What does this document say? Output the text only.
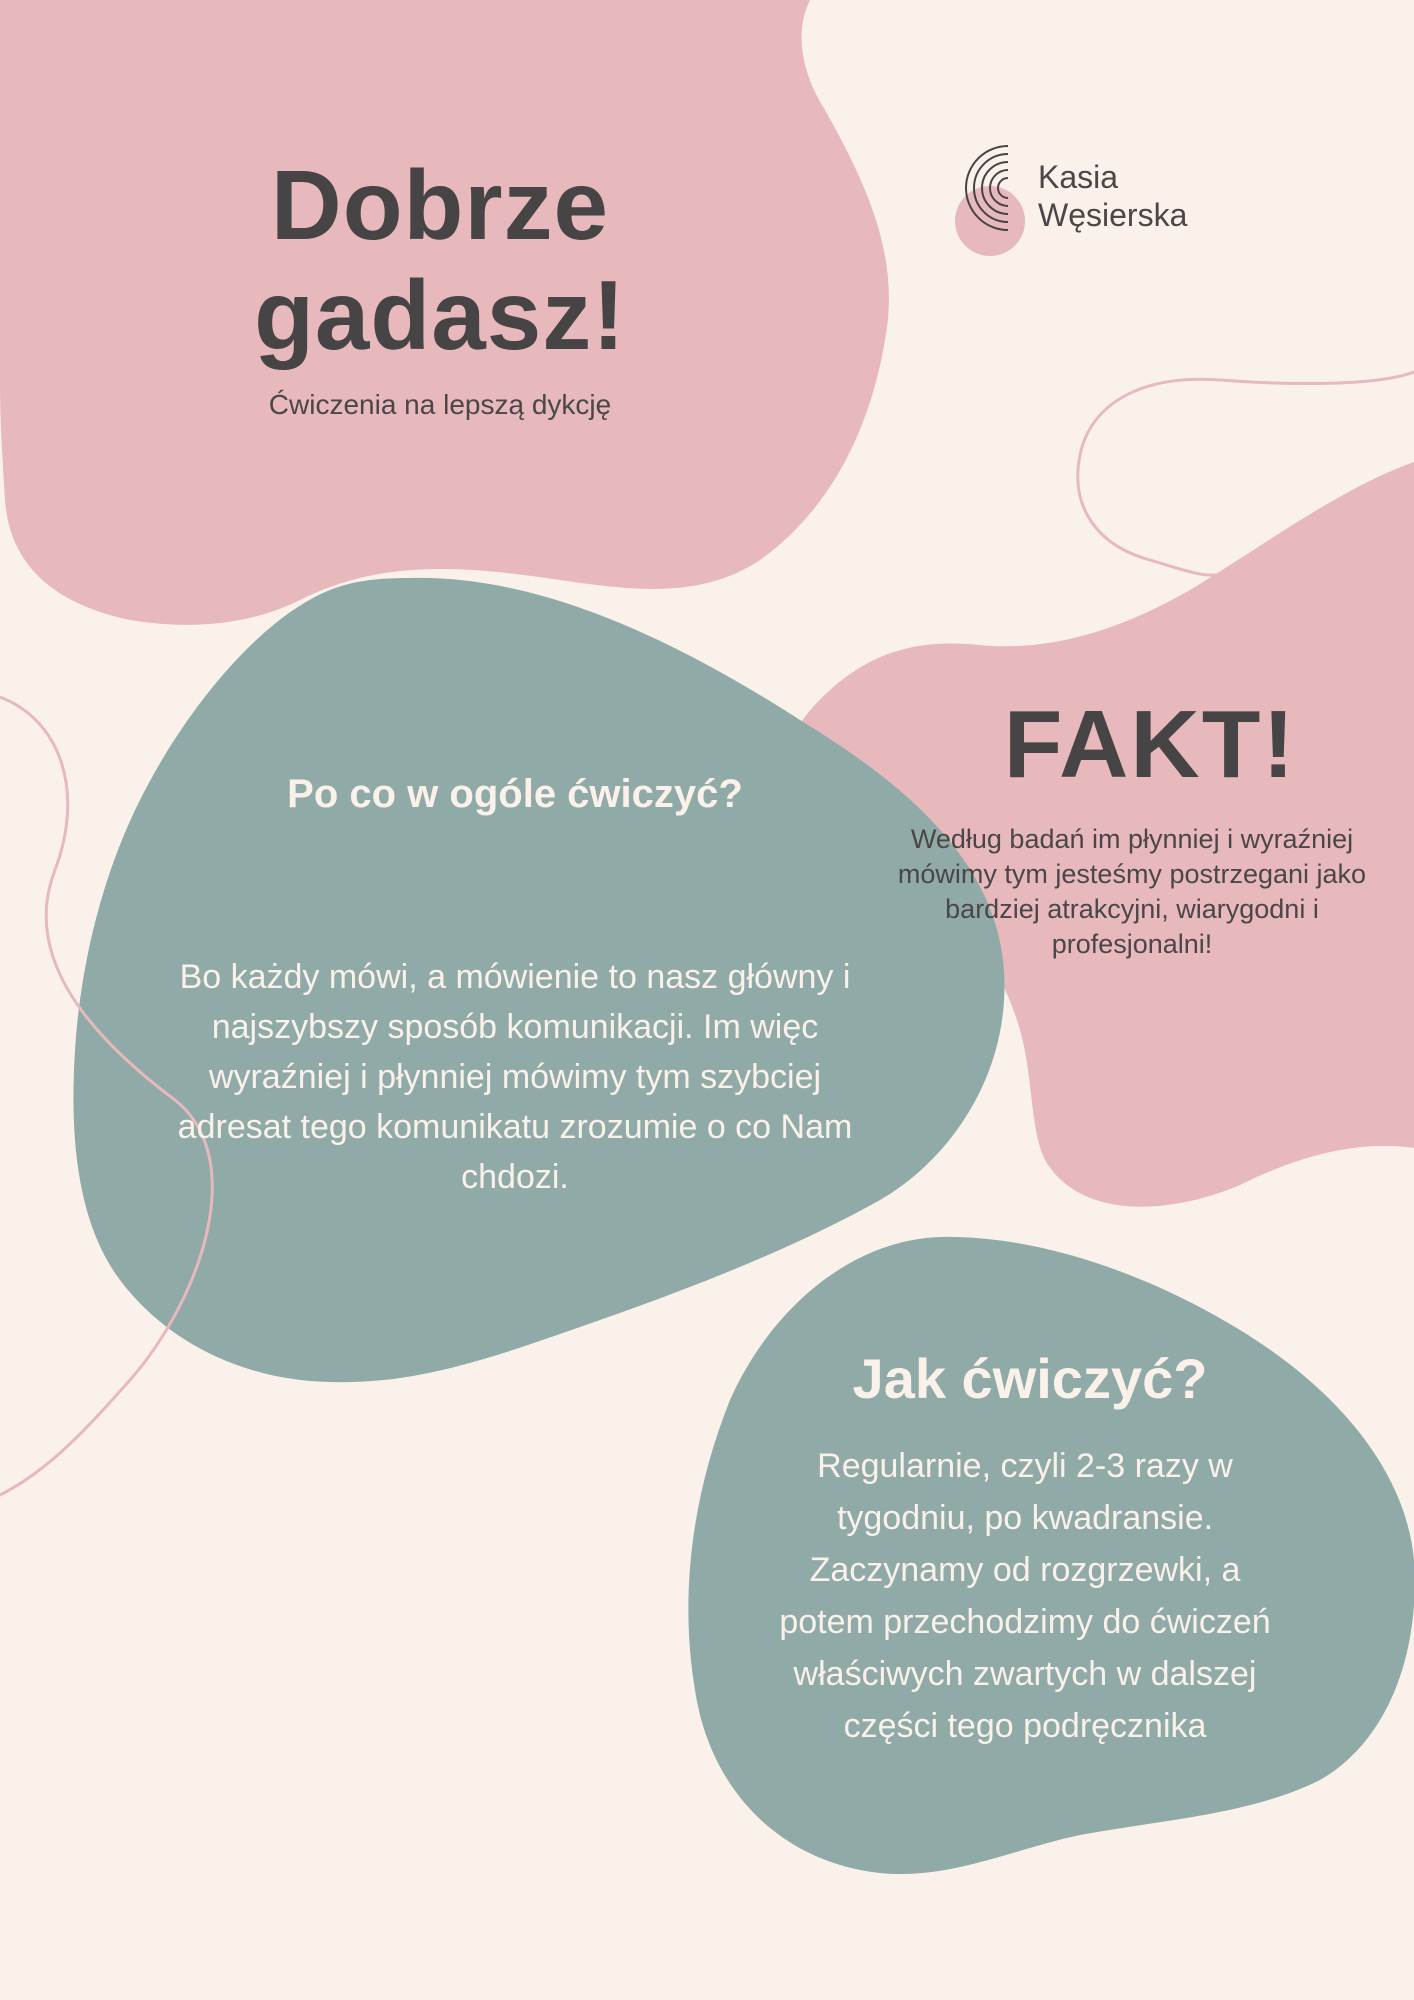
Dobrze
gadasz!

Ćwiczenia na lepszą dykcję

Kasia
Węsierska
Po co w ogóle ćwiczyć?

Bo każdy mówi, a mówienie to nasz główny i najszybszy sposób komunikacji. Im więc wyraźniej i płynniej mówimy tym szybciej adresat tego komunikatu zrozumie o co Nam chdozi.

FAKT!

Według badań im płynniej i wyraźniej mówimy tym jesteśmy postrzegani jako bardziej atrakcyjni, wiarygodni i profesjonalni!

Jak ćwiczyć?

Regularnie, czyli 2-3 razy w tygodniu, po kwadransie. Zaczynamy od rozgrzewki, a potem przechodzimy do ćwiczeń właściwych zwartych w dalszej części tego podręcznika
